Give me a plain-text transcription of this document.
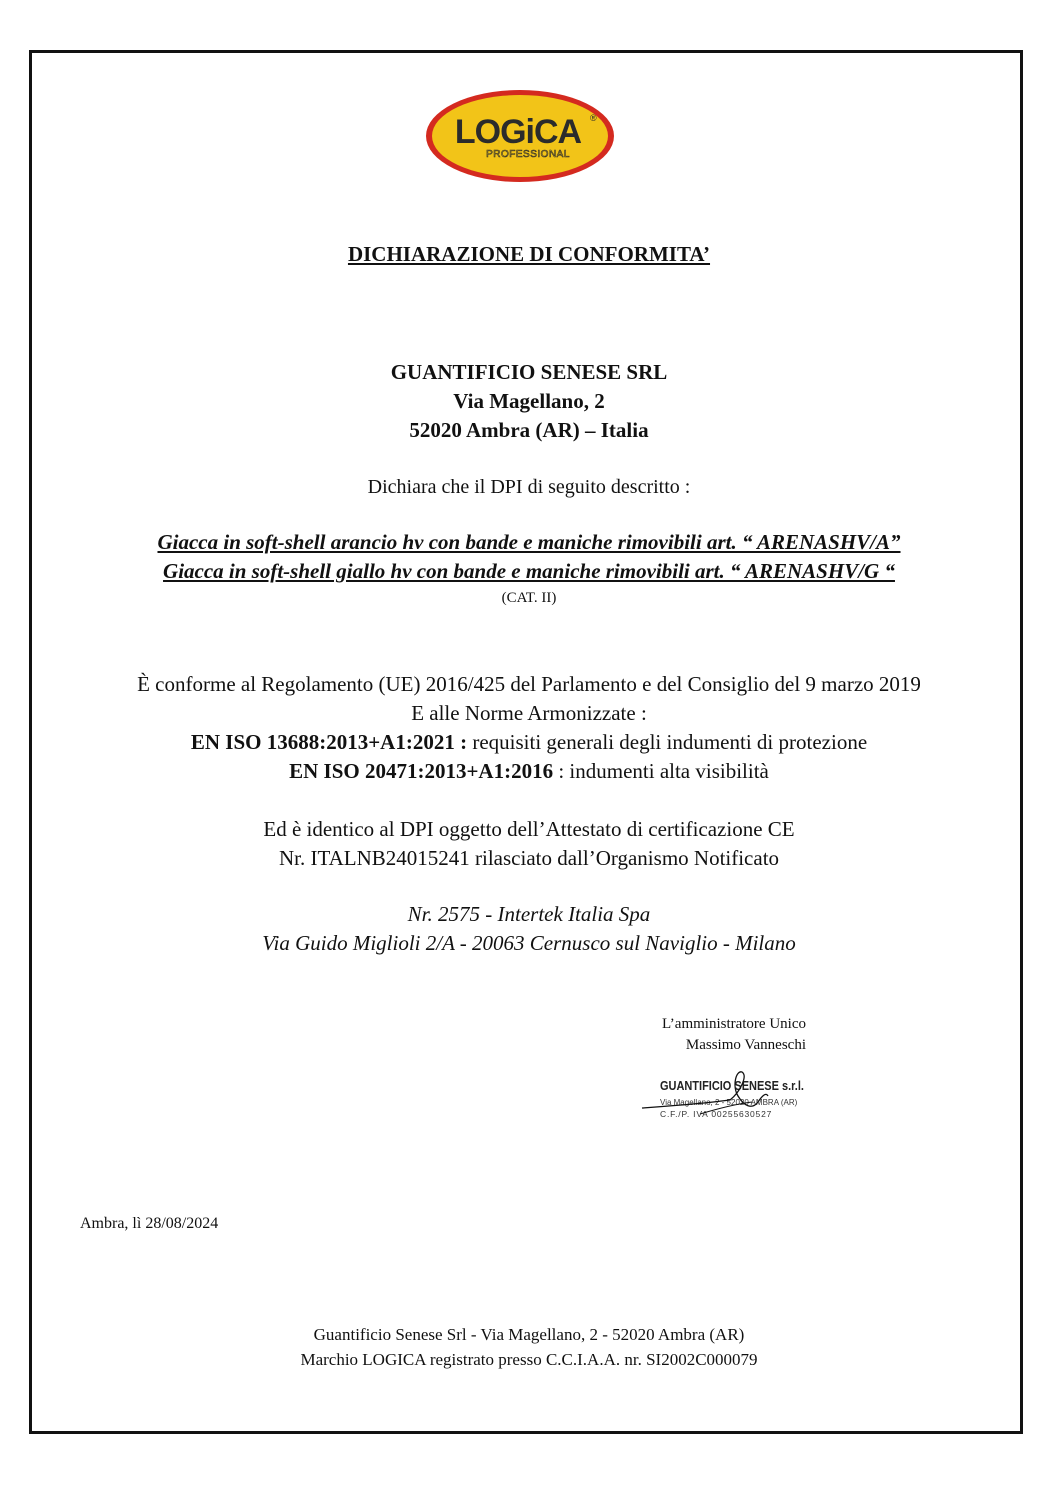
LOGiCA ®
PROFESSIONAL
DICHIARAZIONE DI CONFORMITA’
GUANTIFICIO SENESE SRL
Via Magellano, 2
52020 Ambra (AR) – Italia
Dichiara che il DPI di seguito descritto :
Giacca in soft-shell arancio hv con bande e maniche rimovibili art. “ ARENASHV/A”
Giacca in soft-shell giallo hv con bande e maniche rimovibili art. “ ARENASHV/G “
(CAT. II)
È conforme al Regolamento (UE) 2016/425 del Parlamento e del Consiglio del 9 marzo 2019
E alle Norme Armonizzate :
EN ISO 13688:2013+A1:2021 : requisiti generali degli indumenti di protezione
EN ISO 20471:2013+A1:2016 : indumenti alta visibilità
Ed è identico al DPI oggetto dell’Attestato di certificazione CE
Nr. ITALNB24015241 rilasciato dall’Organismo Notificato
Nr. 2575 - Intertek Italia Spa
Via Guido Miglioli 2/A - 20063 Cernusco sul Naviglio - Milano
L’amministratore Unico
Massimo Vanneschi
GUANTIFICIO SENESE s.r.l.
Via Magellano, 2 - 52020 AMBRA (AR)
C.F./P. IVA 00255630527
Ambra, lì 28/08/2024
Guantificio Senese Srl - Via Magellano, 2 - 52020 Ambra (AR)
Marchio LOGICA registrato presso C.C.I.A.A. nr. SI2002C000079
